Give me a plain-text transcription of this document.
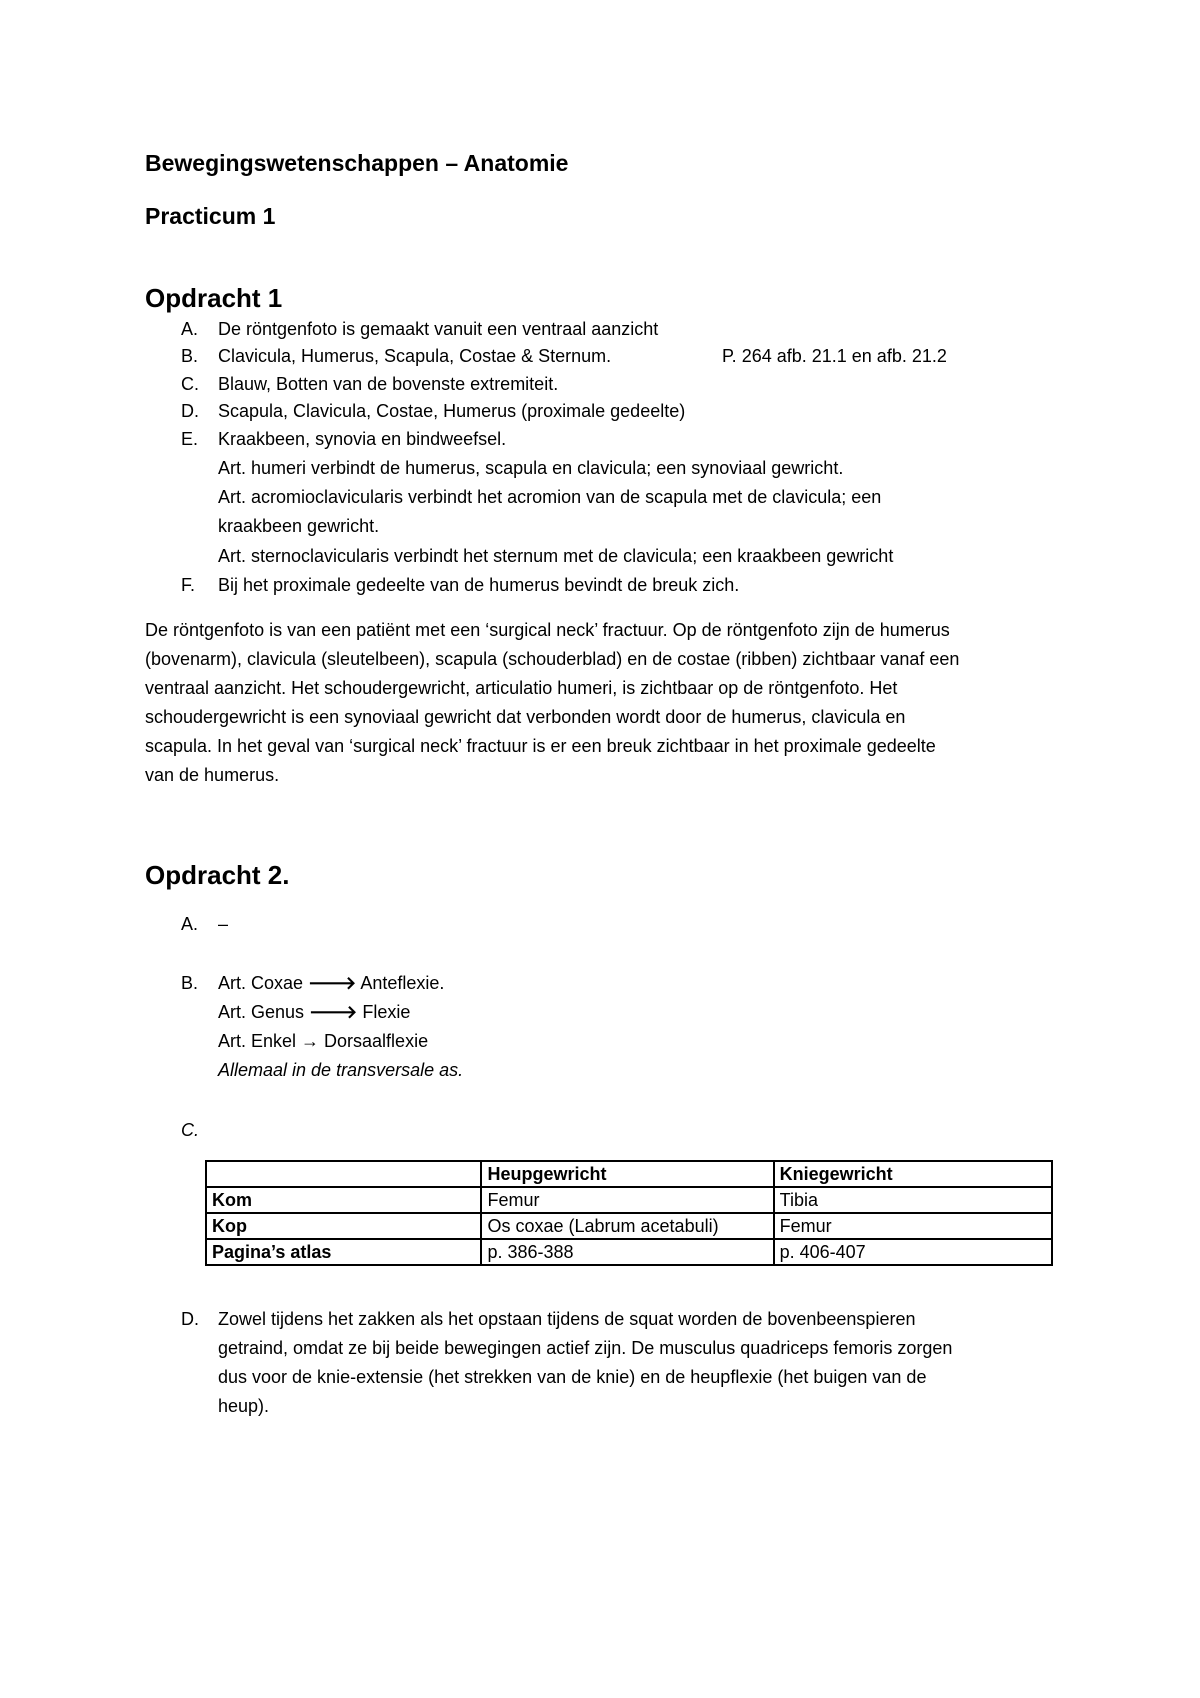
Bewegingswetenschappen – Anatomie
Practicum 1
Opdracht 1
A.	De röntgenfoto is gemaakt vanuit een ventraal aanzicht
B.	Clavicula, Humerus, Scapula, Costae & Sternum.	P. 264 afb. 21.1 en afb. 21.2
C.	Blauw, Botten van de bovenste extremiteit.
D.	Scapula, Clavicula, Costae, Humerus (proximale gedeelte)
E.	Kraakbeen, synovia en bindweefsel.
Art. humeri verbindt de humerus, scapula en clavicula; een synoviaal gewricht.
Art. acromioclavicularis verbindt het acromion van de scapula met de clavicula; een
kraakbeen gewricht.
Art. sternoclavicularis verbindt het sternum met de clavicula; een kraakbeen gewricht
F.	Bij het proximale gedeelte van de humerus bevindt de breuk zich.
De röntgenfoto is van een patiënt met een ‘surgical neck’ fractuur. Op de röntgenfoto zijn de humerus
(bovenarm), clavicula (sleutelbeen), scapula (schouderblad) en de costae (ribben) zichtbaar vanaf een
ventraal aanzicht. Het schoudergewricht, articulatio humeri, is zichtbaar op de röntgenfoto. Het
schoudergewricht is een synoviaal gewricht dat verbonden wordt door de humerus, clavicula en
scapula. In het geval van ‘surgical neck’ fractuur is er een breuk zichtbaar in het proximale gedeelte
van de humerus.
Opdracht 2.
A.	–
B.	Art. Coxae 🡒 Anteflexie.
Art. Genus 🡒 Flexie
Art. Enkel → Dorsaalflexie
Allemaal in de transversale as.
C.
	Heupgewricht	Kniegewricht
Kom	Femur	Tibia
Kop	Os coxae (Labrum acetabuli)	Femur
Pagina’s atlas	p. 386-388	p. 406-407
D.	Zowel tijdens het zakken als het opstaan tijdens de squat worden de bovenbeenspieren
getraind, omdat ze bij beide bewegingen actief zijn. De musculus quadriceps femoris zorgen
dus voor de knie-extensie (het strekken van de knie) en de heupflexie (het buigen van de
heup).
